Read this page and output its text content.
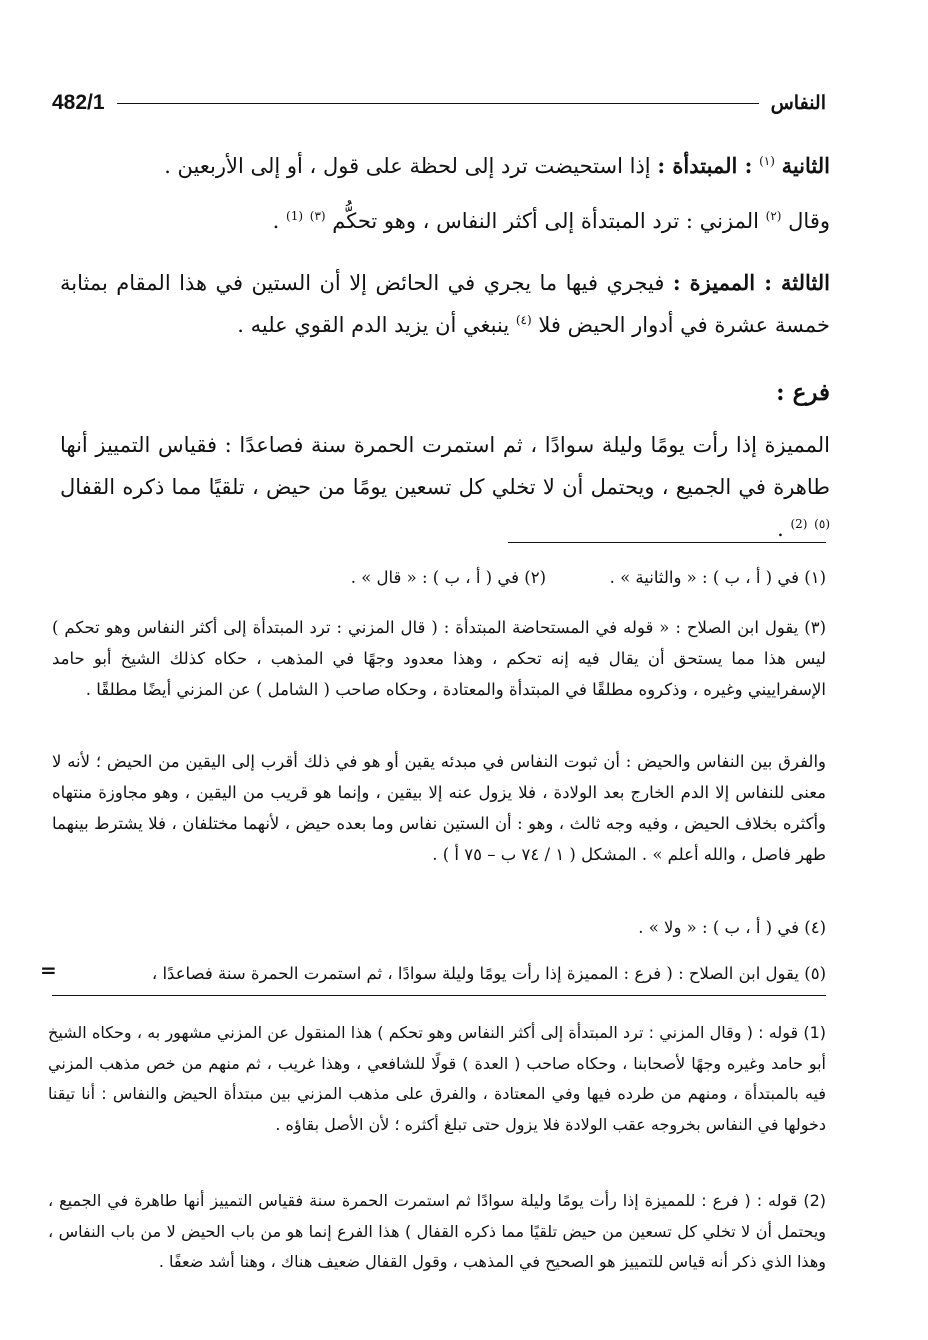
482/1	النفاس

الثانية $^{(١)}$ : المبتدأة : إذا استحيضت ترد إلى لحظة على قول ، أو إلى الأربعين .

وقال $^{(٢)}$ المزني : ترد المبتدأة إلى أكثر النفاس ، وهو تحكُّم $^{(٣)}$ $^{(1)}$ .

الثالثة : المميزة : فيجري فيها ما يجري في الحائض إلا أن الستين في هذا المقام بمثابة خمسة عشرة في أدوار الحيض فلا $^{(٤)}$ ينبغي أن يزيد الدم القوي عليه .

فرع :

المميزة إذا رأت يومًا وليلة سوادًا ، ثم استمرت الحمرة سنة فصاعدًا : فقياس التمييز أنها طاهرة في الجميع ، ويحتمل أن لا تخلي كل تسعين يومًا من حيض ، تلقيًا مما ذكره القفال $^{(٥)}$ $^{(2)}$ .

(١) في ( أ ، ب ) : « والثانية » .
(٢) في ( أ ، ب ) : « قال » .

(٣) يقول ابن الصلاح : « قوله في المستحاضة المبتدأة : ( قال المزني : ترد المبتدأة إلى أكثر النفاس وهو تحكم ) ليس هذا مما يستحق أن يقال فيه إنه تحكم ، وهذا معدود وجهًا في المذهب ، حكاه كذلك الشيخ أبو حامد الإسفراييني وغيره ، وذكروه مطلقًا في المبتدأة والمعتادة ، وحكاه صاحب ( الشامل ) عن المزني أيضًا مطلقًا .

والفرق بين النفاس والحيض : أن ثبوت النفاس في مبدئه يقين أو هو في ذلك أقرب إلى اليقين من الحيض ؛ لأنه لا معنى للنفاس إلا الدم الخارج بعد الولادة ، فلا يزول عنه إلا بيقين ، وإنما هو قريب من اليقين ، وهو مجاوزة منتهاه وأكثره بخلاف الحيض ، وفيه وجه ثالث ، وهو : أن الستين نفاس وما بعده حيض ، لأنهما مختلفان ، فلا يشترط بينهما طهر فاصل ، والله أعلم » . المشكل ( ١ / ٧٤ ب – ٧٥ أ ) .

(٤) في ( أ ، ب ) : « ولا » .

(٥) يقول ابن الصلاح : ( فرع : المميزة إذا رأت يومًا وليلة سوادًا ، ثم استمرت الحمرة سنة فصاعدًا ،

=

(1) قوله : ( وقال المزني : ترد المبتدأة إلى أكثر النفاس وهو تحكم ) هذا المنقول عن المزني مشهور به ، وحكاه الشيخ أبو حامد وغيره وجهًا لأصحابنا ، وحكاه صاحب ( العدة ) قولًا للشافعي ، وهذا غريب ، ثم منهم من خص مذهب المزني فيه بالمبتدأة ، ومنهم من طرده فيها وفي المعتادة ، والفرق على مذهب المزني بين مبتدأة الحيض والنفاس : أنا تيقنا دخولها في النفاس بخروجه عقب الولادة فلا يزول حتى تبلغ أكثره ؛ لأن الأصل بقاؤه .

(2) قوله : ( فرع : للمميزة إذا رأت يومًا وليلة سوادًا ثم استمرت الحمرة سنة فقياس التمييز أنها طاهرة في الجميع ، ويحتمل أن لا تخلي كل تسعين من حيض تلقيًا مما ذكره القفال ) هذا الفرع إنما هو من باب الحيض لا من باب النفاس ، وهذا الذي ذكر أنه قياس للتمييز هو الصحيح في المذهب ، وقول القفال ضعيف هناك ، وهنا أشد ضعفًا .
